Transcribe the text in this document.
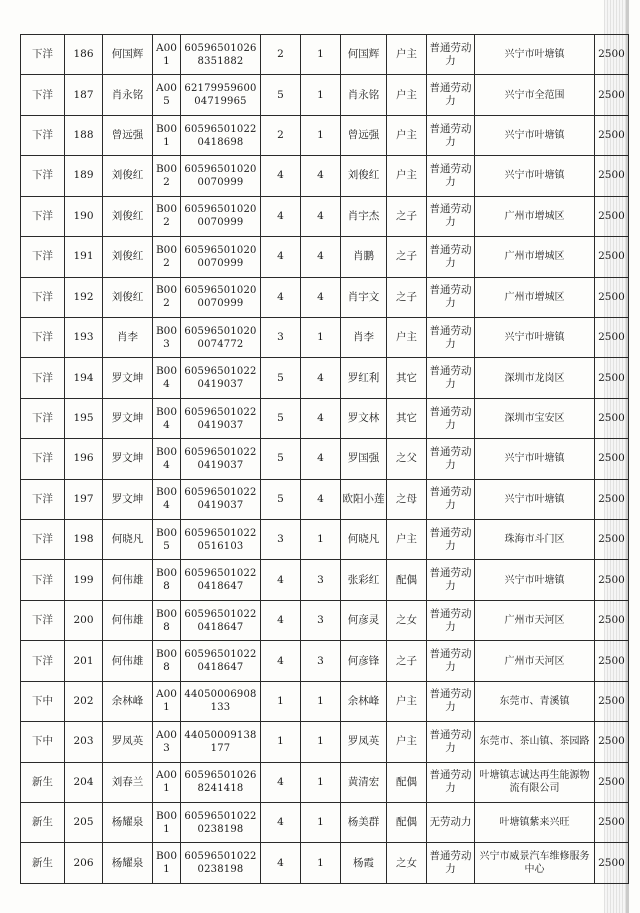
下洋	186	何国辉	A001	605965010268351882	2	1	何国辉	户主	普通劳动力	兴宁市叶塘镇	2500
下洋	187	肖永铭	A005	6217995960004719965	5	1	肖永铭	户主	普通劳动力	兴宁市全范围	2500
下洋	188	曾远强	B001	605965010220418698	2	1	曾远强	户主	普通劳动力	兴宁市叶塘镇	2500
下洋	189	刘俊红	B002	605965010200070999	4	4	刘俊红	户主	普通劳动力	兴宁市叶塘镇	2500
下洋	190	刘俊红	B002	605965010200070999	4	4	肖宇杰	之子	普通劳动力	广州市增城区	2500
下洋	191	刘俊红	B002	605965010200070999	4	4	肖鹏	之子	普通劳动力	广州市增城区	2500
下洋	192	刘俊红	B002	605965010200070999	4	4	肖宇文	之子	普通劳动力	广州市增城区	2500
下洋	193	肖李	B003	605965010200074772	3	1	肖李	户主	普通劳动力	兴宁市叶塘镇	2500
下洋	194	罗文坤	B004	605965010220419037	5	4	罗红利	其它	普通劳动力	深圳市龙岗区	2500
下洋	195	罗文坤	B004	605965010220419037	5	4	罗文林	其它	普通劳动力	深圳市宝安区	2500
下洋	196	罗文坤	B004	605965010220419037	5	4	罗国强	之父	普通劳动力	兴宁市叶塘镇	2500
下洋	197	罗文坤	B004	605965010220419037	5	4	欧阳小莲	之母	普通劳动力	兴宁市叶塘镇	2500
下洋	198	何晓凡	B005	605965010220516103	3	1	何晓凡	户主	普通劳动力	珠海市斗门区	2500
下洋	199	何伟雄	B008	605965010220418647	4	3	张彩红	配偶	普通劳动力	兴宁市叶塘镇	2500
下洋	200	何伟雄	B008	605965010220418647	4	3	何彦灵	之女	普通劳动力	广州市天河区	2500
下洋	201	何伟雄	B008	605965010220418647	4	3	何彦锋	之子	普通劳动力	广州市天河区	2500
下中	202	余林峰	A001	44050006908133	1	1	余林峰	户主	普通劳动力	东莞市、青溪镇	2500
下中	203	罗凤英	A003	44050009138177	1	1	罗凤英	户主	普通劳动力	东莞市、茶山镇、茶园路	2500
新生	204	刘春兰	A001	605965010268241418	4	1	黄清宏	配偶	普通劳动力	叶塘镇志诚达再生能源物流有限公司	2500
新生	205	杨耀泉	B001	605965010220238198	4	1	杨美群	配偶	无劳动力	叶塘镇紫来兴旺	2500
新生	206	杨耀泉	B001	605965010220238198	4	1	杨霞	之女	普通劳动力	兴宁市威景汽车维修服务中心	2500
